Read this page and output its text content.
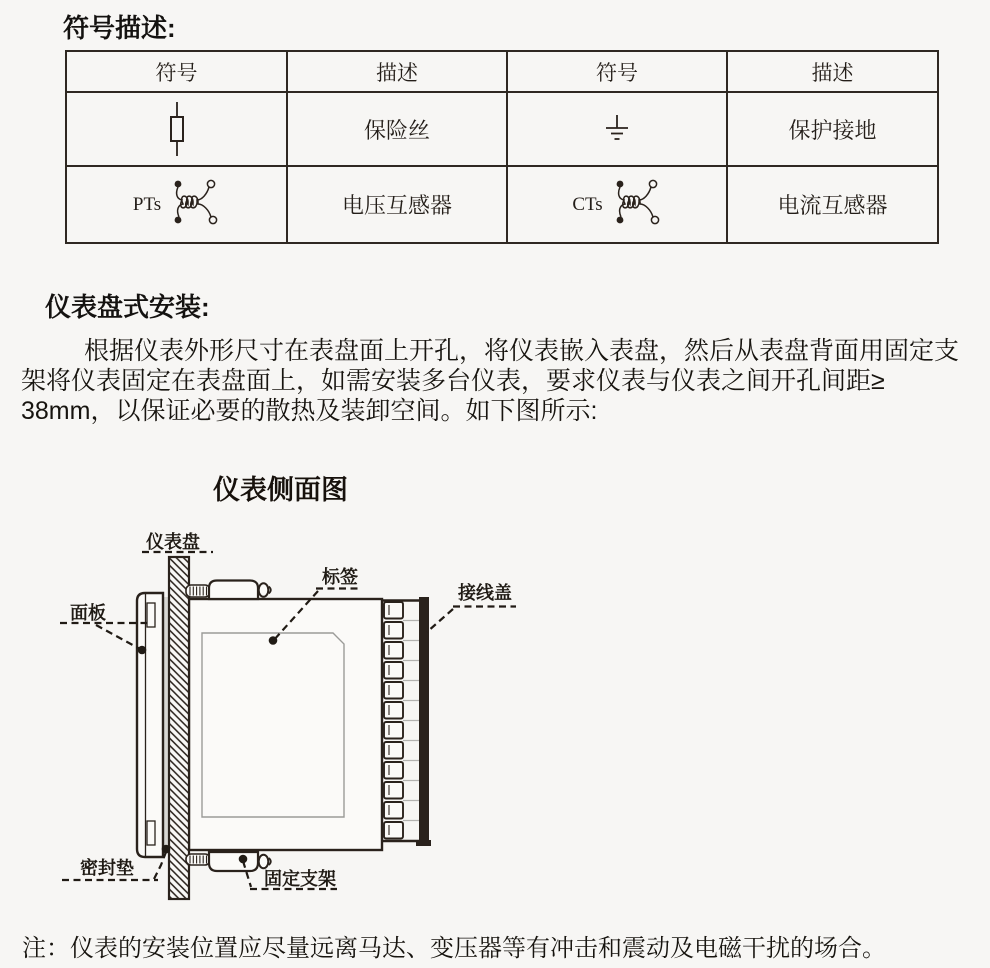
符号描述:
符号	描述	符号	描述

	保险丝		保护接地

PTs	电压互感器	CTs	电流互感器
仪表盘式安装:
根据仪表外形尺寸在表盘面上开孔，将仪表嵌入表盘，然后从表盘背面用固定支
架将仪表固定在表盘面上，如需安装多台仪表，要求仪表与仪表之间开孔间距≥
38mm，以保证必要的散热及装卸空间。如下图所示:
仪表侧面图
仪表盘
面板
标签
接线盖
密封垫
固定支架
注：仪表的安装位置应尽量远离马达、变压器等有冲击和震动及电磁干扰的场合。
